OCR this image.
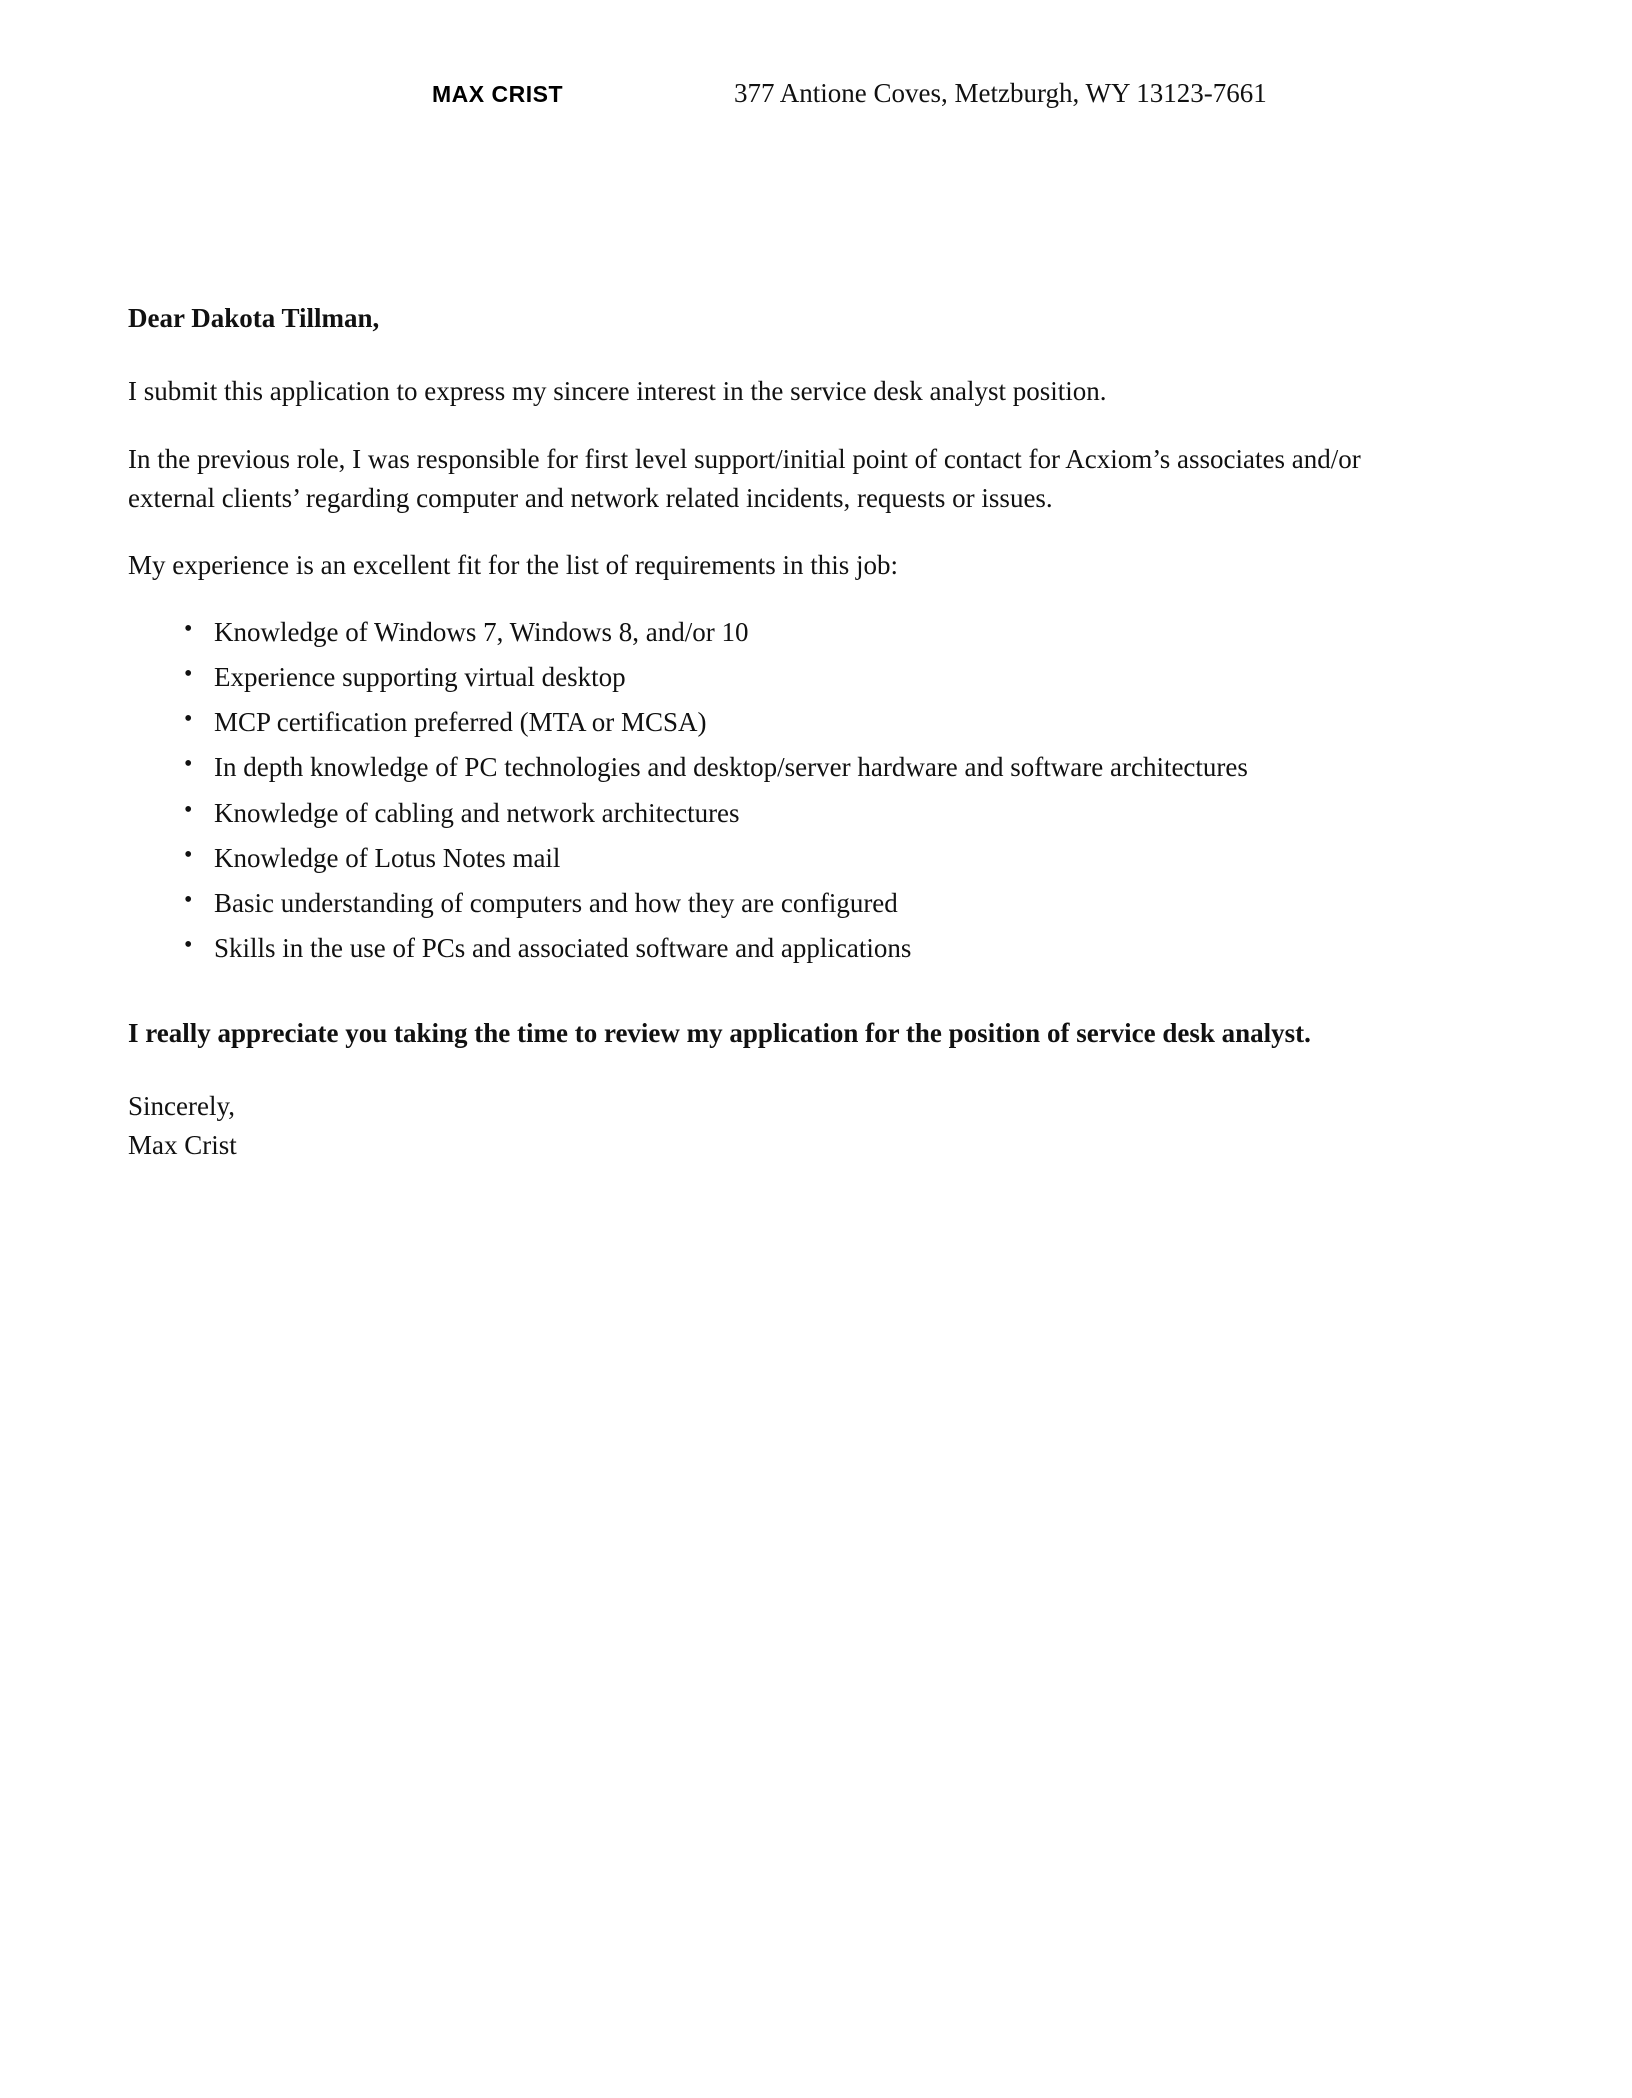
MAX CRIST	377 Antione Coves, Metzburgh, WY 13123-7661
Dear Dakota Tillman,

I submit this application to express my sincere interest in the service desk analyst position.

In the previous role, I was responsible for first level support/initial point of contact for Acxiom’s associates and/or external clients’ regarding computer and network related incidents, requests or issues.

My experience is an excellent fit for the list of requirements in this job:

• Knowledge of Windows 7, Windows 8, and/or 10
• Experience supporting virtual desktop
• MCP certification preferred (MTA or MCSA)
• In depth knowledge of PC technologies and desktop/server hardware and software architectures
• Knowledge of cabling and network architectures
• Knowledge of Lotus Notes mail
• Basic understanding of computers and how they are configured
• Skills in the use of PCs and associated software and applications

I really appreciate you taking the time to review my application for the position of service desk analyst.

Sincerely,
Max Crist
